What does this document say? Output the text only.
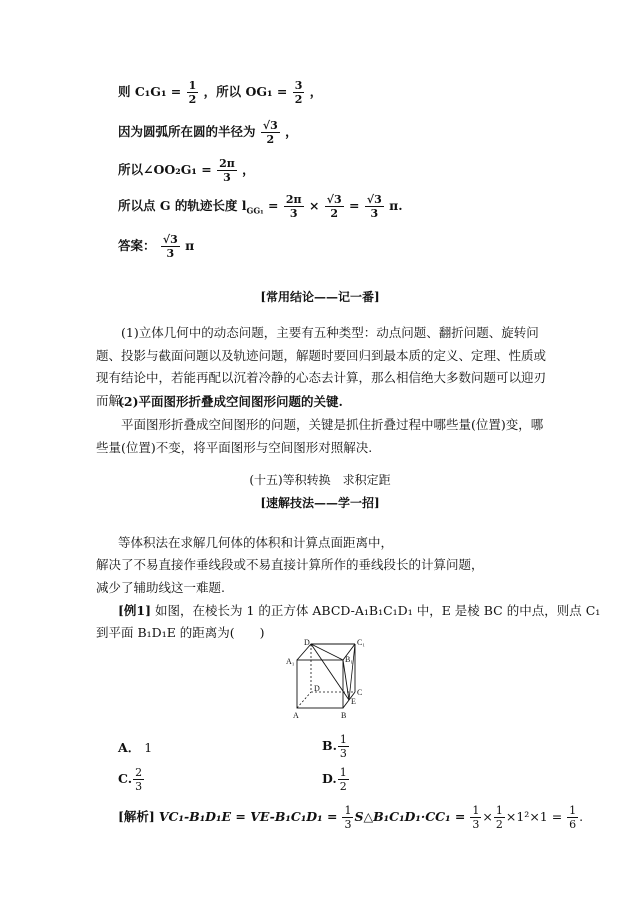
则 $C_1G_1 = \frac{1}{2}$ ，所以 $OG_1 = \frac{3}{2}$ ，
因为圆弧所在圆的半径为 $\frac{√3}{2}$ ，
所以∠OO₂G₁ = $\frac{2\pi}{3}$ ，
所以点 G 的轨迹长度 $l_{GG_1} = \frac{2\pi}{3} \times \frac{√3}{2} = \frac{√3}{3} \pi$.
答案： $\frac{√3}{3}$ π
[常用结论——记一番]
(1)立体几何中的动态问题，主要有五种类型：动点问题、翻折问题、旋转问题、投影与截面问题以及轨迹问题，解题时要回归到最本质的定义、定理、性质或现有结论中，若能再配以沉着冷静的心态去计算，那么相信绝大多数问题可以迎刃而解.
(2)平面图形折叠成空间图形问题的关键.
平面图形折叠成空间图形的问题，关键是抓住折叠过程中哪些量(位置)变，哪些量(位置)不变，将平面图形与空间图形对照解决.
(十五)等积转换　求积定距
[速解技法——学一招]
等体积法在求解几何体的体积和计算点面距离中，
解决了不易直接作垂线段或不易直接计算所作的垂线段长的计算问题，
减少了辅助线这一难题.
[例1] 如图，在棱长为 1 的正方体 ABCD-A₁B₁C₁D₁ 中，E 是棱 BC 的中点，则点 C₁
到平面 B₁D₁E 的距离为(　　)
D₁	C₁
A₁	B₁
D	C
E
A	B
A． 1	B. $\frac{1}{3}$
C. $\frac{2}{3}$	D. $\frac{1}{2}$
[解析] $VC_1-B_1D_1E = VE-B_1C_1D_1 = \frac{1}{3}$ S△B₁C₁D₁·CC₁ = $\frac{1}{3} \times \frac{1}{2} \times 1^2\times 1 = \frac{1}{6}$ .
